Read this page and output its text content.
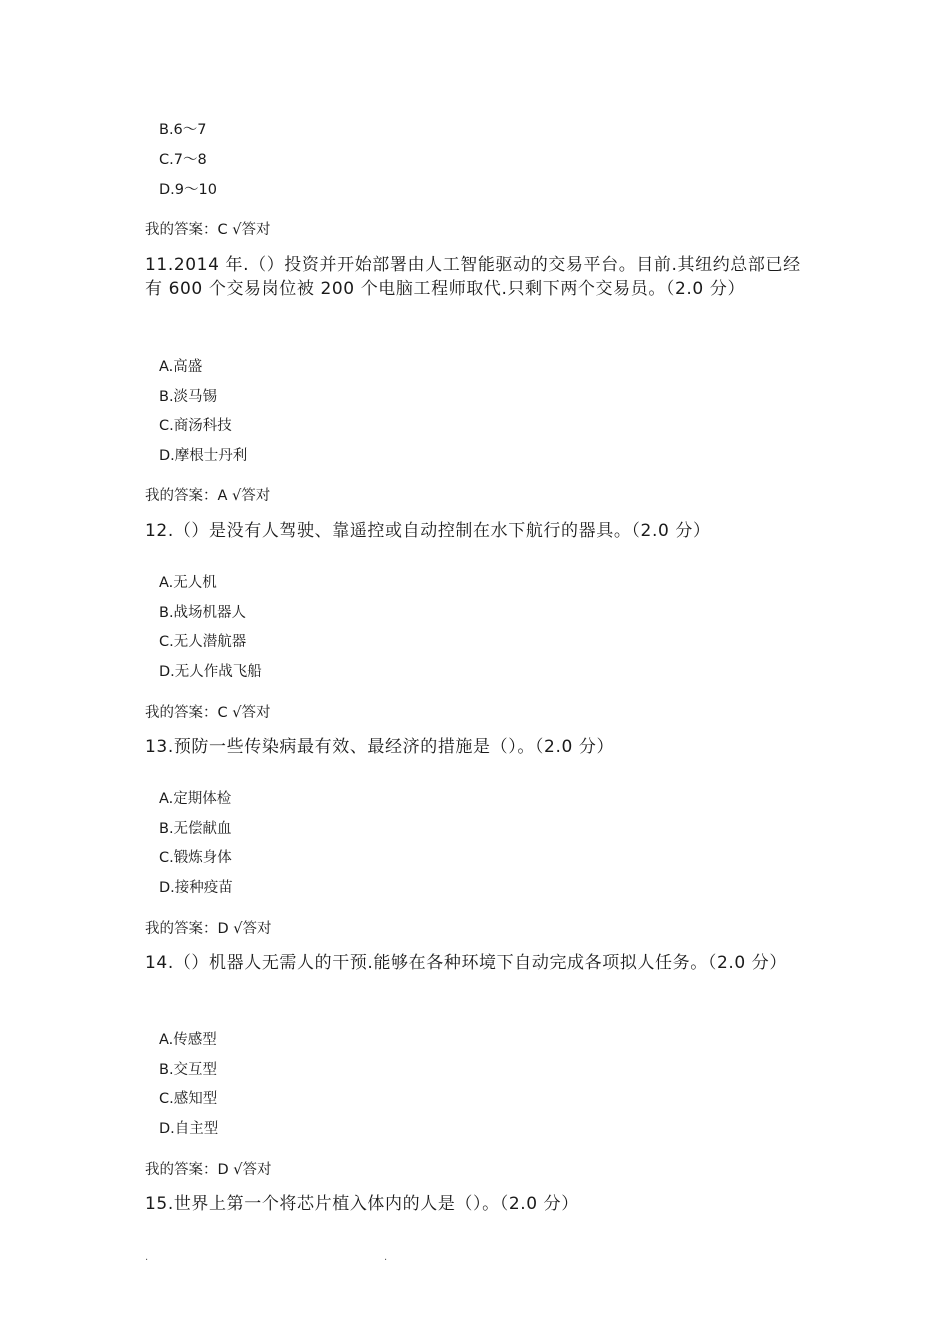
B.6～7
C.7～8
D.9～10
我的答案：C √答对
11.2014 年.（）投资并开始部署由人工智能驱动的交易平台。目前.其纽约总部已经有 600 个交易岗位被 200 个电脑工程师取代.只剩下两个交易员。（2.0 分）
A.高盛
B.淡马锡
C.商汤科技
D.摩根士丹利
我的答案：A √答对
12.（）是没有人驾驶、靠遥控或自动控制在水下航行的器具。（2.0 分）
A.无人机
B.战场机器人
C.无人潜航器
D.无人作战飞船
我的答案：C √答对
13.预防一些传染病最有效、最经济的措施是（）。（2.0 分）
A.定期体检
B.无偿献血
C.锻炼身体
D.接种疫苗
我的答案：D √答对
14.（）机器人无需人的干预.能够在各种环境下自动完成各项拟人任务。（2.0 分）
A.传感型
B.交互型
C.感知型
D.自主型
我的答案：D √答对
15.世界上第一个将芯片植入体内的人是（）。（2.0 分）
.	.
